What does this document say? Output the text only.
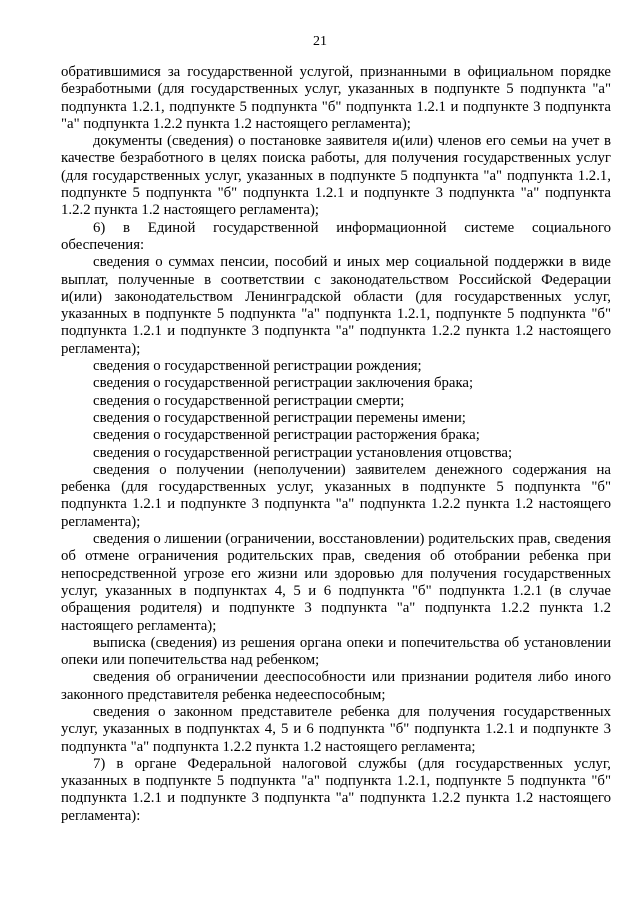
21

обратившимися за государственной услугой, признанными в официальном порядке безработными (для государственных услуг, указанных в подпункте 5 подпункта "а" подпункта 1.2.1, подпункте 5 подпункта "б" подпункта 1.2.1 и подпункте 3 подпункта "а" подпункта 1.2.2 пункта 1.2 настоящего регламента);

документы (сведения) о постановке заявителя и(или) членов его семьи на учет в качестве безработного в целях поиска работы, для получения государственных услуг (для государственных услуг, указанных в подпункте 5 подпункта "а" подпункта 1.2.1, подпункте 5 подпункта "б" подпункта 1.2.1 и подпункте 3 подпункта "а" подпункта 1.2.2 пункта 1.2 настоящего регламента);

6) в Единой государственной информационной системе социального обеспечения:

сведения о суммах пенсии, пособий и иных мер социальной поддержки в виде выплат, полученные в соответствии с законодательством Российской Федерации и(или) законодательством Ленинградской области (для государственных услуг, указанных в подпункте 5 подпункта "а" подпункта 1.2.1, подпункте 5 подпункта "б" подпункта 1.2.1 и подпункте 3 подпункта "а" подпункта 1.2.2 пункта 1.2 настоящего регламента);

сведения о государственной регистрации рождения;

сведения о государственной регистрации заключения брака;

сведения о государственной регистрации смерти;

сведения о государственной регистрации перемены имени;

сведения о государственной регистрации расторжения брака;

сведения о государственной регистрации установления отцовства;

сведения о получении (неполучении) заявителем денежного содержания на ребенка (для государственных услуг, указанных в подпункте 5 подпункта "б" подпункта 1.2.1 и подпункте 3 подпункта "а" подпункта 1.2.2 пункта 1.2 настоящего регламента);

сведения о лишении (ограничении, восстановлении) родительских прав, сведения об отмене ограничения родительских прав, сведения об отобрании ребенка при непосредственной угрозе его жизни или здоровью для получения государственных услуг, указанных в подпунктах 4, 5 и 6 подпункта "б" подпункта 1.2.1 (в случае обращения родителя) и подпункте 3 подпункта "а" подпункта 1.2.2 пункта 1.2 настоящего регламента);

выписка (сведения) из решения органа опеки и попечительства об установлении опеки или попечительства над ребенком;

сведения об ограничении дееспособности или признании родителя либо иного законного представителя ребенка недееспособным;

сведения о законном представителе ребенка для получения государственных услуг, указанных в подпунктах 4, 5 и 6 подпункта "б" подпункта 1.2.1 и подпункте 3 подпункта "а" подпункта 1.2.2 пункта 1.2 настоящего регламента;

7) в органе Федеральной налоговой службы (для государственных услуг, указанных в подпункте 5 подпункта "а" подпункта 1.2.1, подпункте 5 подпункта "б" подпункта 1.2.1 и подпункте 3 подпункта "а" подпункта 1.2.2 пункта 1.2 настоящего регламента):
